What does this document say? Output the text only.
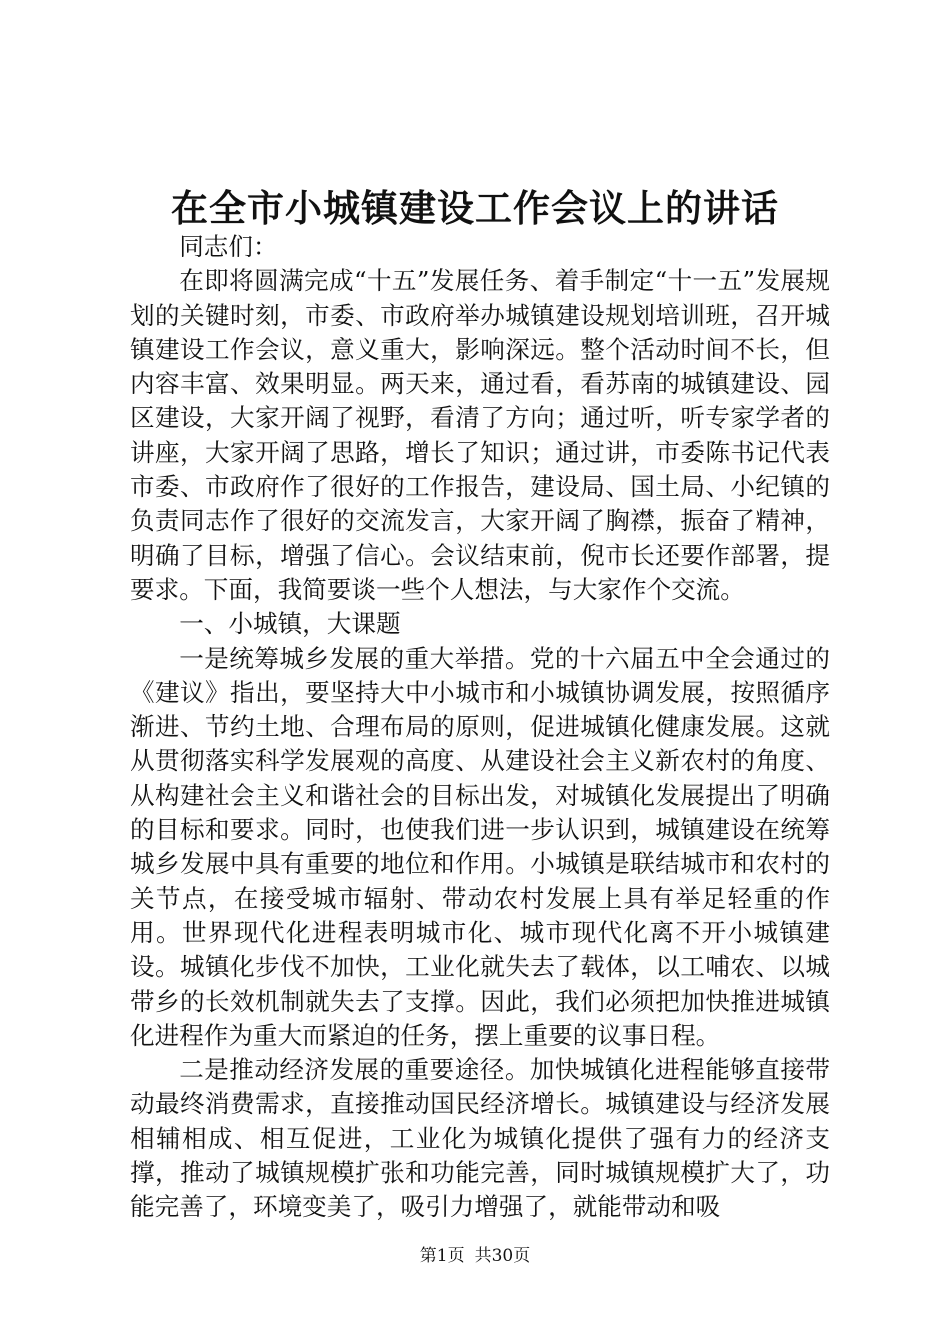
在全市小城镇建设工作会议上的讲话

同志们：

在即将圆满完成“十五”发展任务、着手制定“十一五”发展规划的关键时刻，市委、市政府举办城镇建设规划培训班，召开城镇建设工作会议，意义重大，影响深远。整个活动时间不长，但内容丰富、效果明显。两天来，通过看，看苏南的城镇建设、园区建设，大家开阔了视野，看清了方向；通过听，听专家学者的讲座，大家开阔了思路，增长了知识；通过讲，市委陈书记代表市委、市政府作了很好的工作报告，建设局、国土局、小纪镇的负责同志作了很好的交流发言，大家开阔了胸襟，振奋了精神，明确了目标，增强了信心。会议结束前，倪市长还要作部署，提要求。下面，我简要谈一些个人想法，与大家作个交流。

一、小城镇，大课题

一是统筹城乡发展的重大举措。党的十六届五中全会通过的《建议》指出，要坚持大中小城市和小城镇协调发展，按照循序渐进、节约土地、合理布局的原则，促进城镇化健康发展。这就从贯彻落实科学发展观的高度、从建设社会主义新农村的角度、从构建社会主义和谐社会的目标出发，对城镇化发展提出了明确的目标和要求。同时，也使我们进一步认识到，城镇建设在统筹城乡发展中具有重要的地位和作用。小城镇是联结城市和农村的关节点，在接受城市辐射、带动农村发展上具有举足轻重的作用。世界现代化进程表明城市化、城市现代化离不开小城镇建设。城镇化步伐不加快，工业化就失去了载体，以工哺农、以城带乡的长效机制就失去了支撑。因此，我们必须把加快推进城镇化进程作为重大而紧迫的任务，摆上重要的议事日程。

二是推动经济发展的重要途径。加快城镇化进程能够直接带动最终消费需求，直接推动国民经济增长。城镇建设与经济发展相辅相成、相互促进，工业化为城镇化提供了强有力的经济支撑，推动了城镇规模扩张和功能完善，同时城镇规模扩大了，功能完善了，环境变美了，吸引力增强了，就能带动和吸

第1页 共30页
